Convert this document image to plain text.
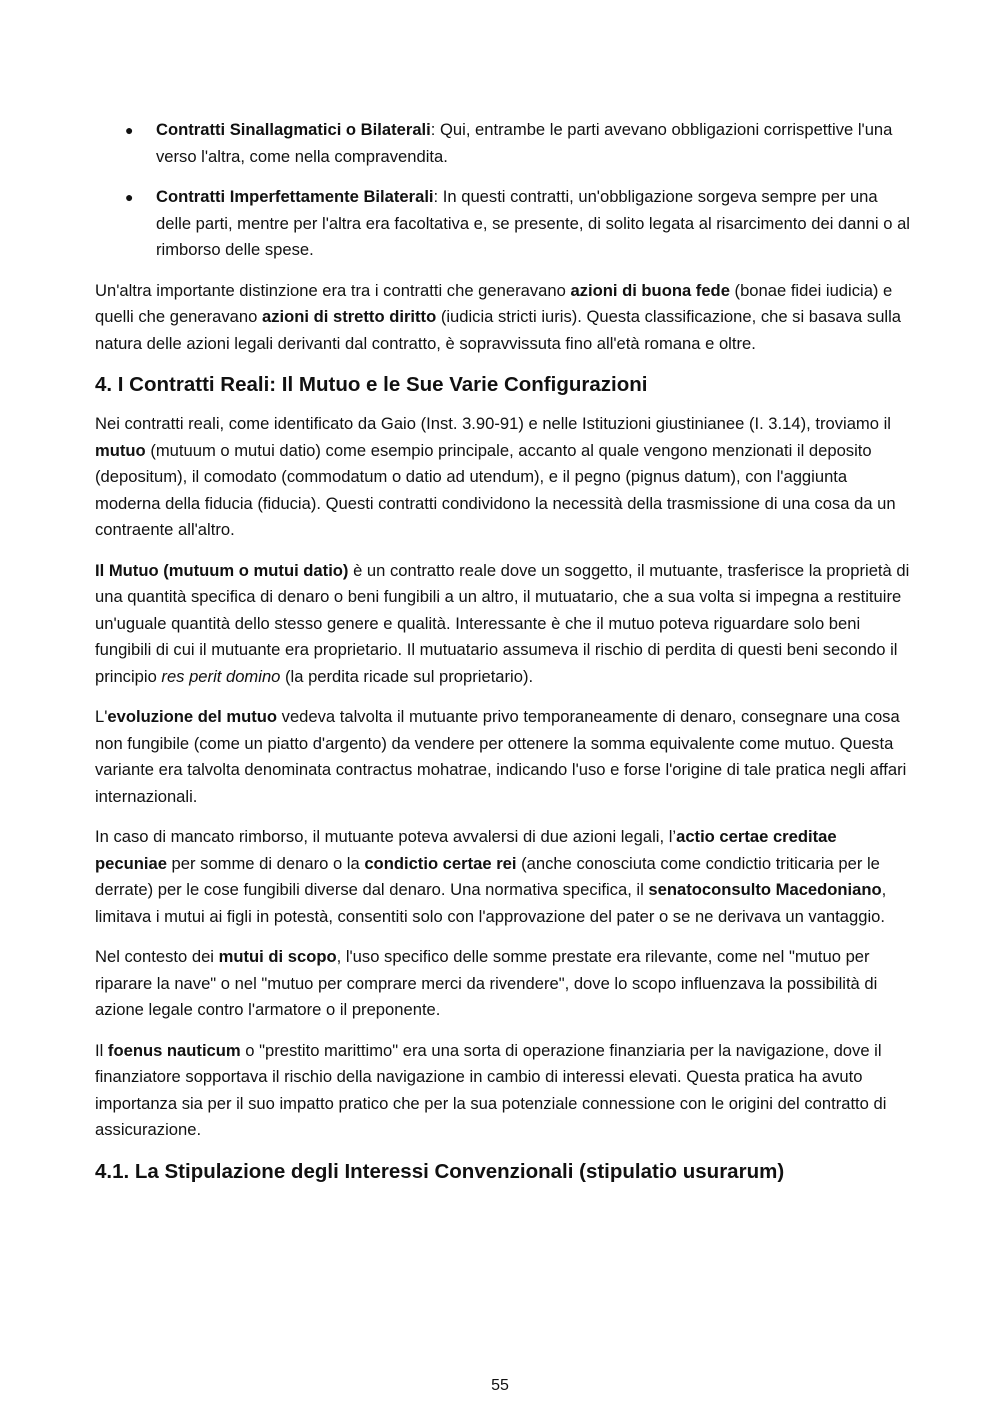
● Contratti Sinallagmatici o Bilaterali: Qui, entrambe le parti avevano obbligazioni corrispettive l'una verso l'altra, come nella compravendita.
● Contratti Imperfettamente Bilaterali: In questi contratti, un'obbligazione sorgeva sempre per una delle parti, mentre per l'altra era facoltativa e, se presente, di solito legata al risarcimento dei danni o al rimborso delle spese.

Un'altra importante distinzione era tra i contratti che generavano azioni di buona fede (bonae fidei iudicia) e quelli che generavano azioni di stretto diritto (iudicia stricti iuris). Questa classificazione, che si basava sulla natura delle azioni legali derivanti dal contratto, è sopravvissuta fino all'età romana e oltre.

4. I Contratti Reali: Il Mutuo e le Sue Varie Configurazioni

Nei contratti reali, come identificato da Gaio (Inst. 3.90-91) e nelle Istituzioni giustinianee (I. 3.14), troviamo il mutuo (mutuum o mutui datio) come esempio principale, accanto al quale vengono menzionati il deposito (depositum), il comodato (commodatum o datio ad utendum), e il pegno (pignus datum), con l'aggiunta moderna della fiducia (fiducia). Questi contratti condividono la necessità della trasmissione di una cosa da un contraente all'altro.

Il Mutuo (mutuum o mutui datio) è un contratto reale dove un soggetto, il mutuante, trasferisce la proprietà di una quantità specifica di denaro o beni fungibili a un altro, il mutuatario, che a sua volta si impegna a restituire un'uguale quantità dello stesso genere e qualità. Interessante è che il mutuo poteva riguardare solo beni fungibili di cui il mutuante era proprietario. Il mutuatario assumeva il rischio di perdita di questi beni secondo il principio res perit domino (la perdita ricade sul proprietario).

L'evoluzione del mutuo vedeva talvolta il mutuante privo temporaneamente di denaro, consegnare una cosa non fungibile (come un piatto d'argento) da vendere per ottenere la somma equivalente come mutuo. Questa variante era talvolta denominata contractus mohatrae, indicando l'uso e forse l'origine di tale pratica negli affari internazionali.

In caso di mancato rimborso, il mutuante poteva avvalersi di due azioni legali, l’actio certae creditae pecuniae per somme di denaro o la condictio certae rei (anche conosciuta come condictio triticaria per le derrate) per le cose fungibili diverse dal denaro. Una normativa specifica, il senatoconsulto Macedoniano, limitava i mutui ai figli in potestà, consentiti solo con l'approvazione del pater o se ne derivava un vantaggio.

Nel contesto dei mutui di scopo, l'uso specifico delle somme prestate era rilevante, come nel "mutuo per riparare la nave" o nel "mutuo per comprare merci da rivendere", dove lo scopo influenzava la possibilità di azione legale contro l'armatore o il preponente.

Il foenus nauticum o "prestito marittimo" era una sorta di operazione finanziaria per la navigazione, dove il finanziatore sopportava il rischio della navigazione in cambio di interessi elevati. Questa pratica ha avuto importanza sia per il suo impatto pratico che per la sua potenziale connessione con le origini del contratto di assicurazione.

4.1. La Stipulazione degli Interessi Convenzionali (stipulatio usurarum)
55
